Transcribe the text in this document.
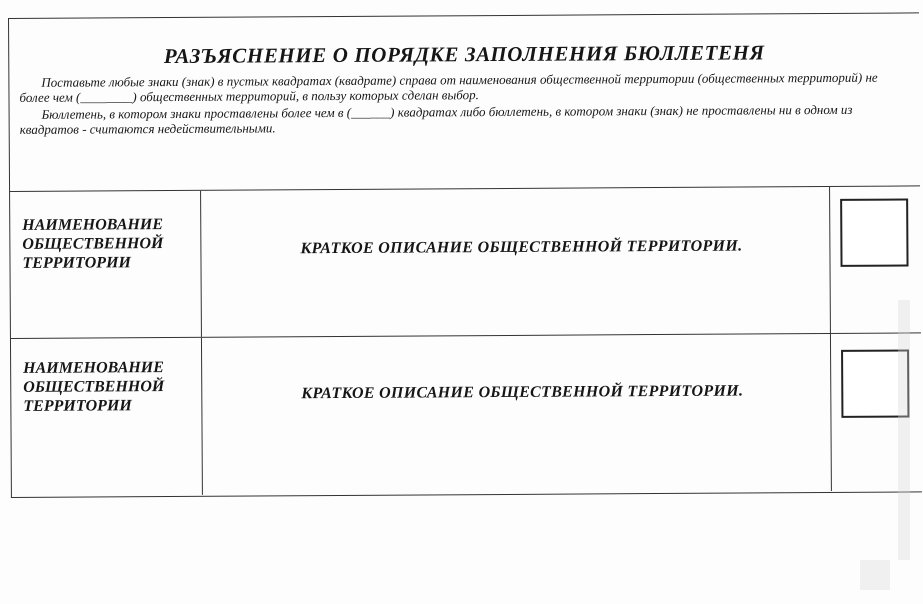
РАЗЪЯСНЕНИЕ О ПОРЯДКЕ ЗАПОЛНЕНИЯ БЮЛЛЕТЕНЯ

Поставьте любые знаки (знак) в пустых квадратах (квадрате) справа от наименования общественной территории (общественных территорий) не более чем (________) общественных территорий, в пользу которых сделан выбор.

Бюллетень, в котором знаки проставлены более чем в (______) квадратах либо бюллетень, в котором знаки (знак) не проставлены ни в одном из квадратов - считаются недействительными.

НАИМЕНОВАНИЕ ОБЩЕСТВЕННОЙ ТЕРРИТОРИИ

КРАТКОЕ ОПИСАНИЕ ОБЩЕСТВЕННОЙ ТЕРРИТОРИИ.

НАИМЕНОВАНИЕ ОБЩЕСТВЕННОЙ ТЕРРИТОРИИ

КРАТКОЕ ОПИСАНИЕ ОБЩЕСТВЕННОЙ ТЕРРИТОРИИ.
